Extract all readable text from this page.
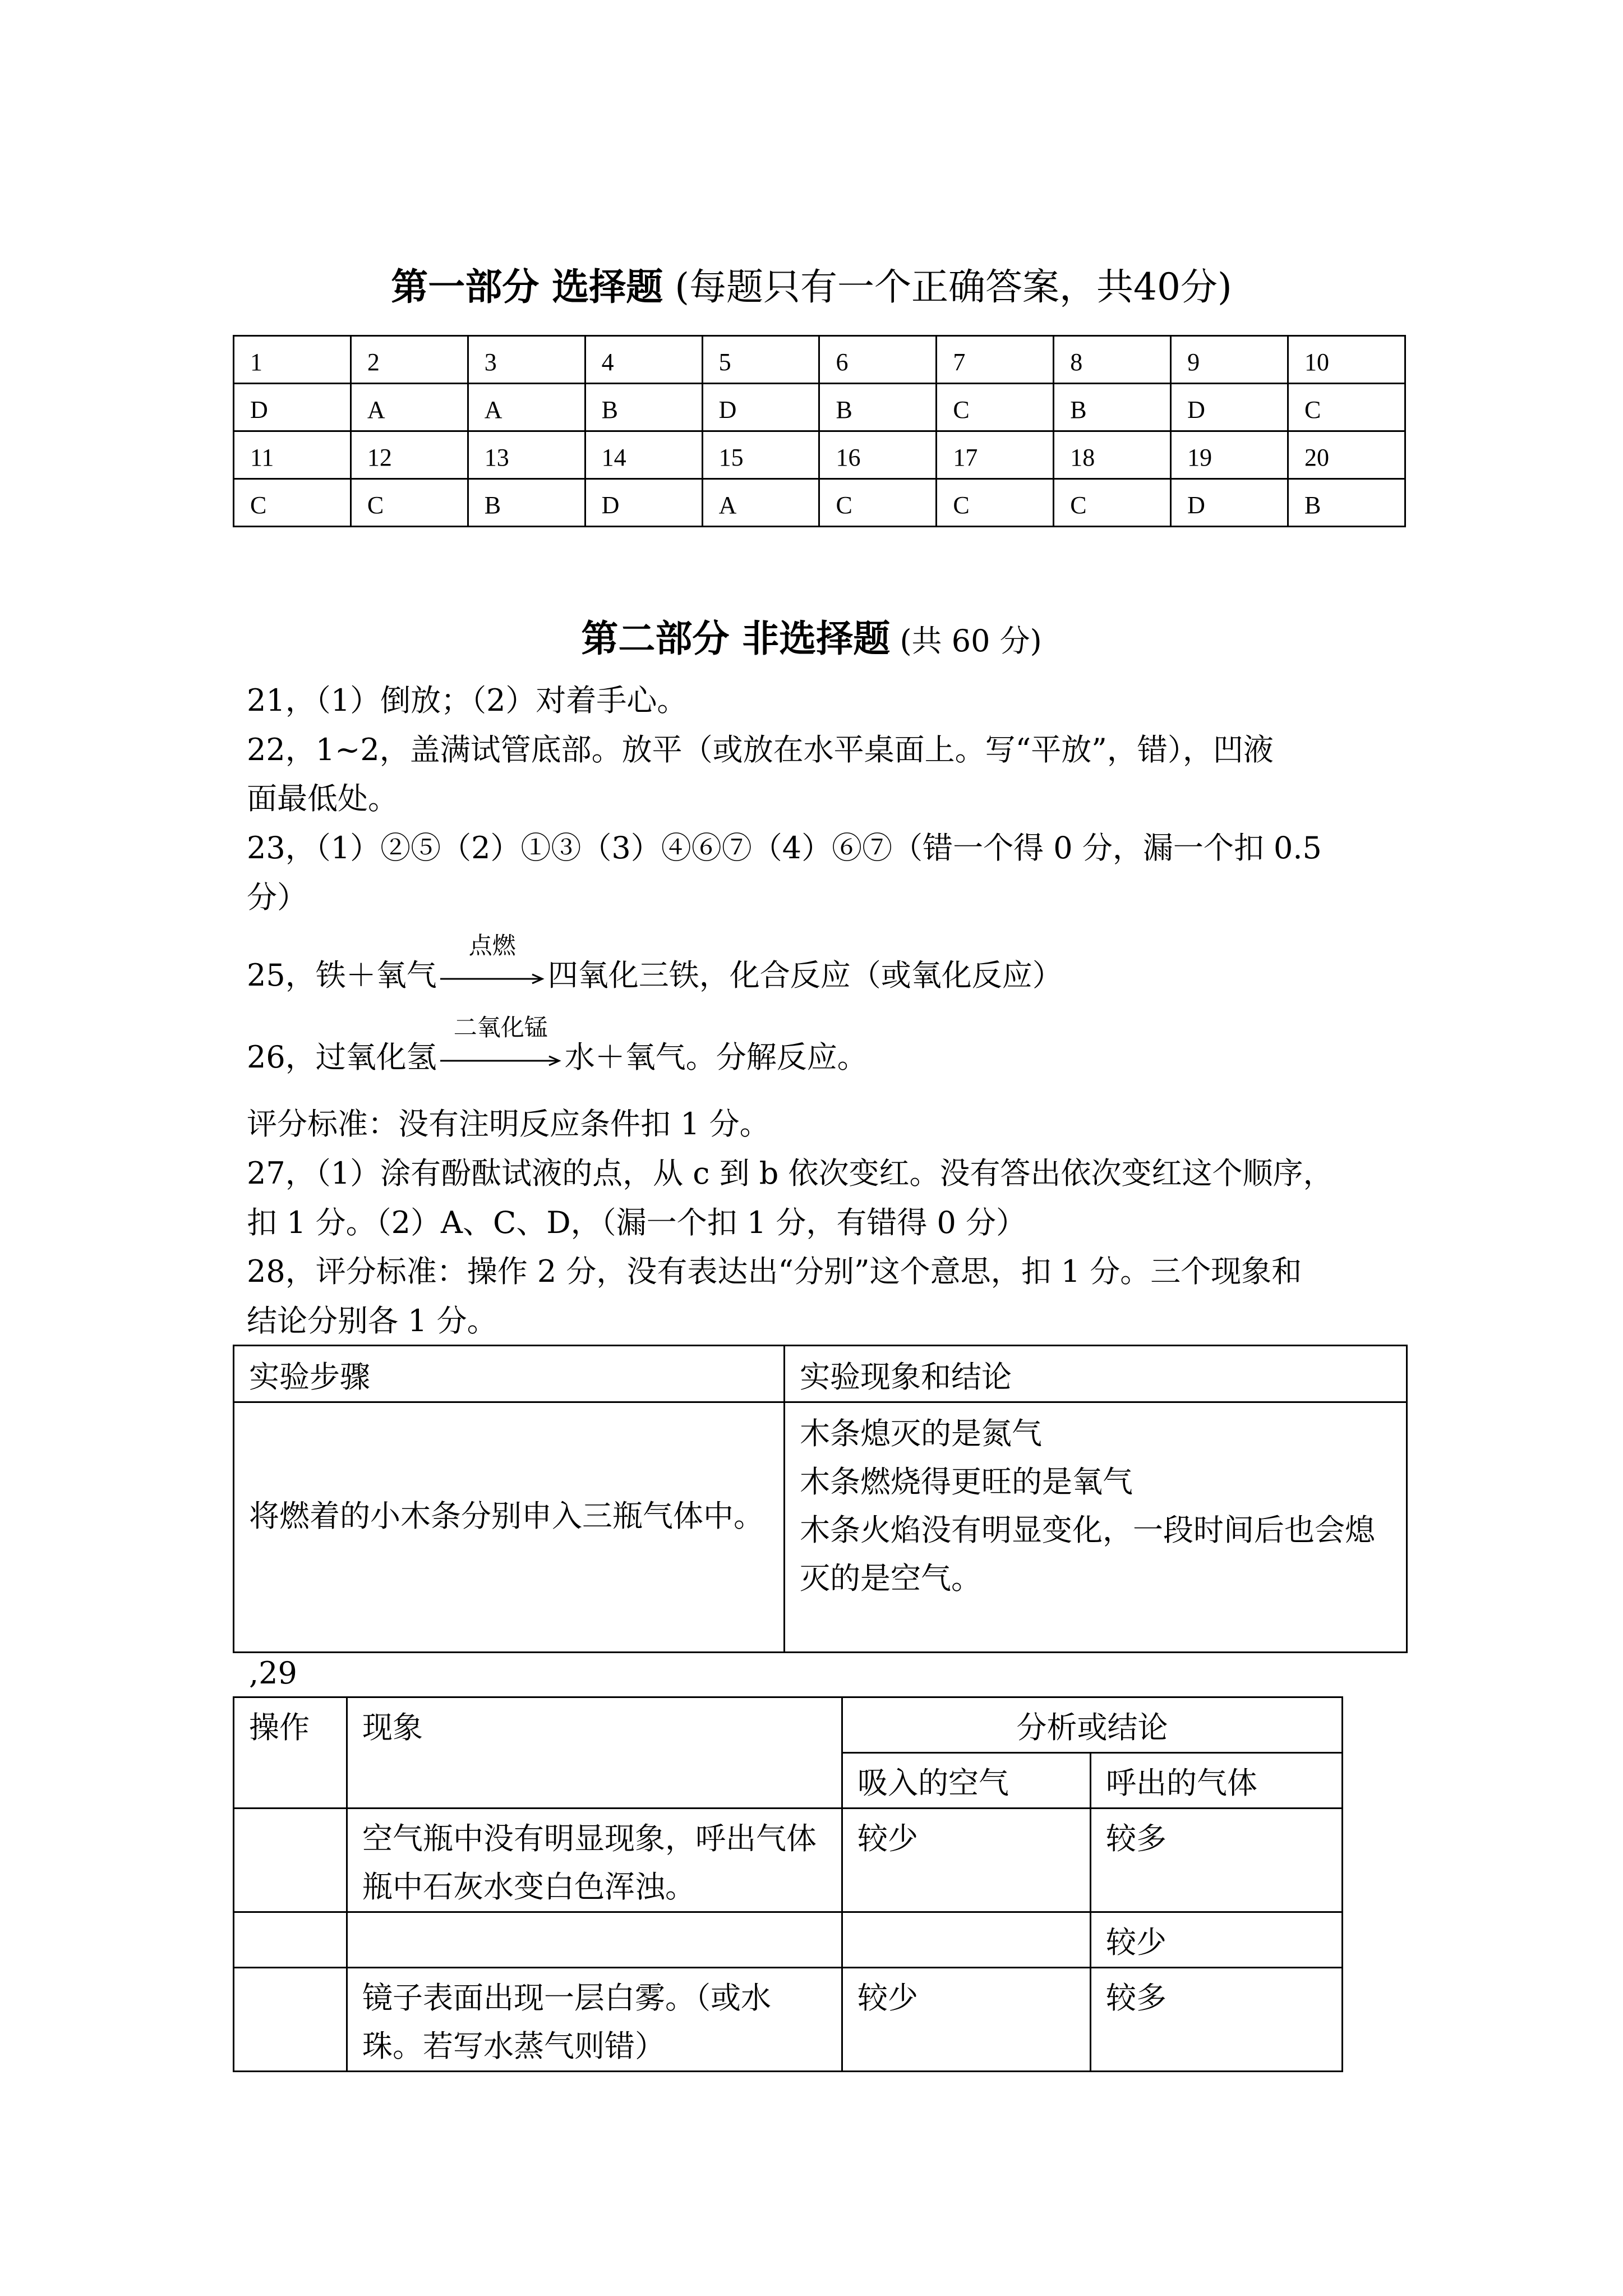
第一部分 选择题 (每题只有一个正确答案，共40分)
1	2	3	4	5	6	7	8	9	10
D	A	A	B	D	B	C	B	D	C
11	12	13	14	15	16	17	18	19	20
C	C	B	D	A	C	C	C	D	B
第二部分 非选择题 (共 60 分)
21，（1）倒放；（2）对着手心。
22，1~2，盖满试管底部。放平（或放在水平桌面上。写“平放”，错），凹液
面最低处。
23，（1）②⑤（2）①③（3）④⑥⑦（4）⑥⑦（错一个得 0 分，漏一个扣 0.5
分）
25，铁＋氧气
点燃
四氧化三铁，化合反应（或氧化反应）
26，过氧化氢
二氧化锰
水＋氧气。分解反应。
评分标准：没有注明反应条件扣 1 分。
27，（1）涂有酚酞试液的点，从 c 到 b 依次变红。没有答出依次变红这个顺序，
扣 1 分。（2）A、C、D，（漏一个扣 1 分，有错得 0 分）
28，评分标准：操作 2 分，没有表达出“分别”这个意思，扣 1 分。三个现象和
结论分别各 1 分。
实验步骤	实验现象和结论
将燃着的小木条分别申入三瓶气体中。	木条熄灭的是氮气
木条燃烧得更旺的是氧气
木条火焰没有明显变化，一段时间后也会熄灭的是空气。
,29
操作	现象	分析或结论	
		吸入的空气	呼出的气体
	空气瓶中没有明显现象，呼出气体瓶中石灰水变白色浑浊。	较少	较多
			较少
	镜子表面出现一层白雾。（或水珠。若写水蒸气则错）	较少	较多
